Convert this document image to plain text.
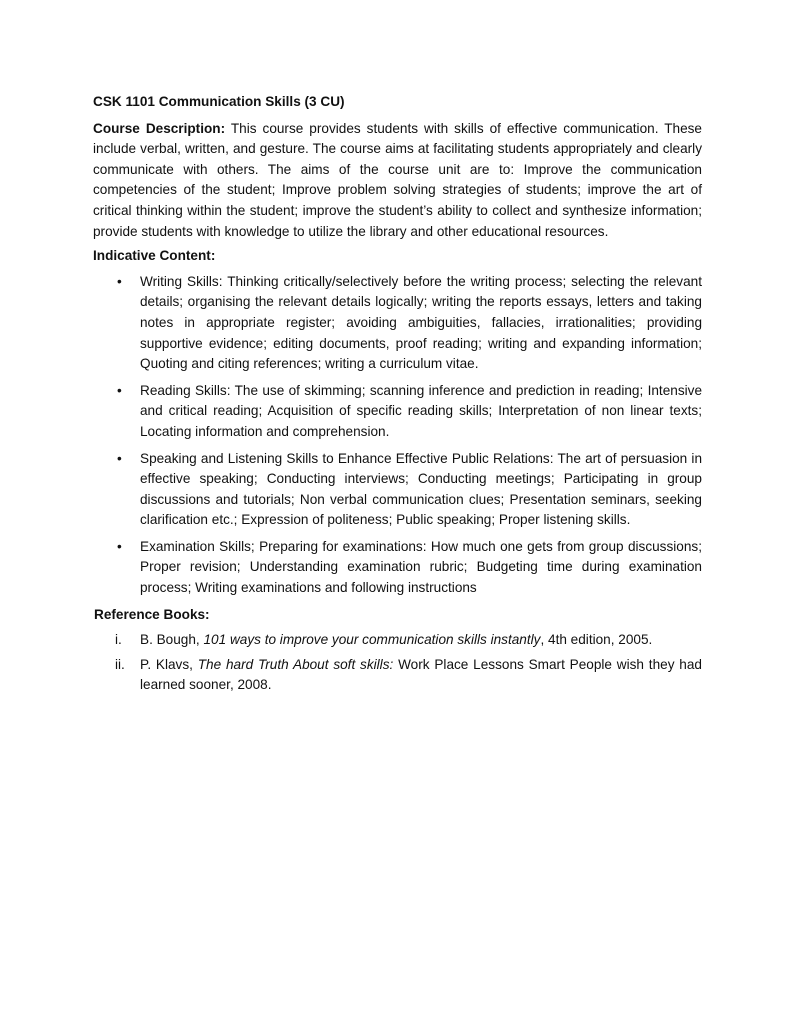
CSK 1101 Communication Skills (3 CU)

Course Description: This course provides students with skills of effective communication. These include verbal, written, and gesture. The course aims at facilitating students appropriately and clearly communicate with others. The aims of the course unit are to: Improve the communication competencies of the student; Improve problem solving strategies of students; improve the art of critical thinking within the student; improve the student’s ability to collect and synthesize information; provide students with knowledge to utilize the library and other educational resources.

Indicative Content:
• Writing Skills: Thinking critically/selectively before the writing process; selecting the relevant details; organising the relevant details logically; writing the reports essays, letters and taking notes in appropriate register; avoiding ambiguities, fallacies, irrationalities; providing supportive evidence; editing documents, proof reading; writing and expanding information; Quoting and citing references; writing a curriculum vitae.
• Reading Skills: The use of skimming; scanning inference and prediction in reading; Intensive and critical reading; Acquisition of specific reading skills; Interpretation of non linear texts; Locating information and comprehension.
• Speaking and Listening Skills to Enhance Effective Public Relations: The art of persuasion in effective speaking; Conducting interviews; Conducting meetings; Participating in group discussions and tutorials; Non verbal communication clues; Presentation seminars, seeking clarification etc.; Expression of politeness; Public speaking; Proper listening skills.
• Examination Skills; Preparing for examinations: How much one gets from group discussions; Proper revision; Understanding examination rubric; Budgeting time during examination process; Writing examinations and following instructions
Reference Books:
i. B. Bough, 101 ways to improve your communication skills instantly, 4th edition, 2005.
ii. P. Klavs, The hard Truth About soft skills: Work Place Lessons Smart People wish they had learned sooner, 2008.
